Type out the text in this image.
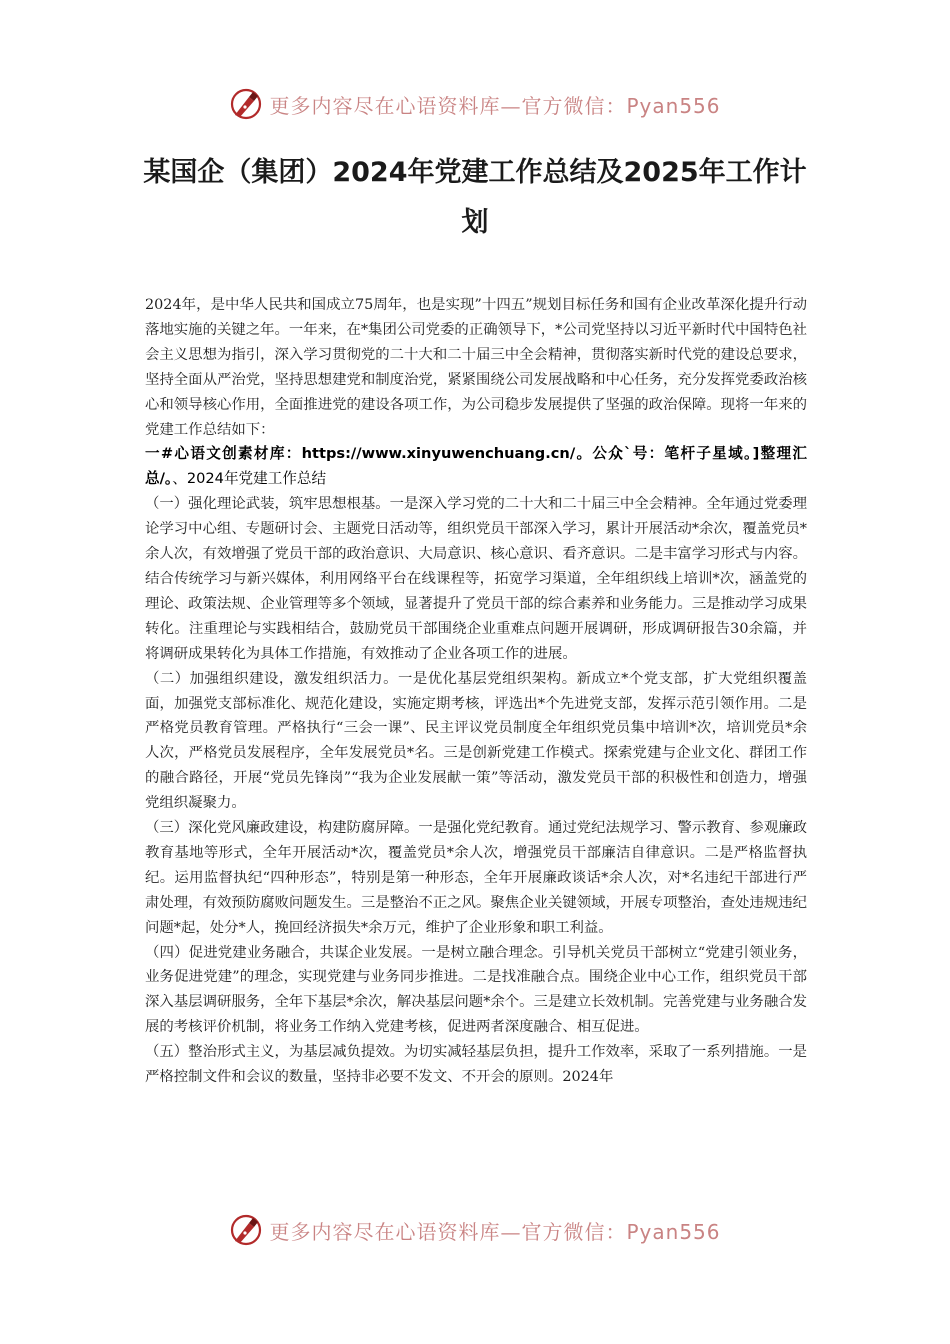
更多内容尽在心语资料库—官方微信：Pyan556
某国企（集团）2024年党建工作总结及2025年工作计划

2024年，是中华人民共和国成立75周年，也是实现”十四五”规划目标任务和国有企业改革深化提升行动落地实施的关键之年。一年来，在*集团公司党委的正确领导下，*公司党坚持以习近平新时代中国特色社会主义思想为指引，深入学习贯彻党的二十大和二十届三中全会精神，贯彻落实新时代党的建设总要求，坚持全面从严治党，坚持思想建党和制度治党，紧紧围绕公司发展战略和中心任务，充分发挥党委政治核心和领导核心作用，全面推进党的建设各项工作，为公司稳步发展提供了坚强的政治保障。现将一年来的党建工作总结如下：

一#心语文创素材库：https://www.xinyuwenchuang.cn/。公众`号：笔杆子星域。]整理汇总/。、2024年党建工作总结

（一）强化理论武装，筑牢思想根基。一是深入学习党的二十大和二十届三中全会精神。全年通过党委理论学习中心组、专题研讨会、主题党日活动等，组织党员干部深入学习，累计开展活动*余次，覆盖党员*余人次，有效增强了党员干部的政治意识、大局意识、核心意识、看齐意识。二是丰富学习形式与内容。结合传统学习与新兴媒体，利用网络平台在线课程等，拓宽学习渠道，全年组织线上培训*次，涵盖党的理论、政策法规、企业管理等多个领域，显著提升了党员干部的综合素养和业务能力。三是推动学习成果转化。注重理论与实践相结合，鼓励党员干部围绕企业重难点问题开展调研，形成调研报告30余篇，并将调研成果转化为具体工作措施，有效推动了企业各项工作的进展。

（二）加强组织建设，激发组织活力。一是优化基层党组织架构。新成立*个党支部，扩大党组织覆盖面，加强党支部标准化、规范化建设，实施定期考核，评选出*个先进党支部，发挥示范引领作用。二是严格党员教育管理。严格执行“三会一课”、民主评议党员制度全年组织党员集中培训*次，培训党员*余人次，严格党员发展程序，全年发展党员*名。三是创新党建工作模式。探索党建与企业文化、群团工作的融合路径，开展“党员先锋岗”“我为企业发展献一策”等活动，激发党员干部的积极性和创造力，增强党组织凝聚力。

（三）深化党风廉政建设，构建防腐屏障。一是强化党纪教育。通过党纪法规学习、警示教育、参观廉政教育基地等形式，全年开展活动*次，覆盖党员*余人次，增强党员干部廉洁自律意识。二是严格监督执纪。运用监督执纪“四种形态”，特别是第一种形态，全年开展廉政谈话*余人次，对*名违纪干部进行严肃处理，有效预防腐败问题发生。三是整治不正之风。聚焦企业关键领域，开展专项整治，查处违规违纪问题*起，处分*人，挽回经济损失*余万元，维护了企业形象和职工利益。

（四）促进党建业务融合，共谋企业发展。一是树立融合理念。引导机关党员干部树立“党建引领业务，业务促进党建”的理念，实现党建与业务同步推进。二是找准融合点。围绕企业中心工作，组织党员干部深入基层调研服务，全年下基层*余次，解决基层问题*余个。三是建立长效机制。完善党建与业务融合发展的考核评价机制，将业务工作纳入党建考核，促进两者深度融合、相互促进。

（五）整治形式主义，为基层减负提效。为切实减轻基层负担，提升工作效率，采取了一系列措施。一是严格控制文件和会议的数量，坚持非必要不发文、不开会的原则。2024年

更多内容尽在心语资料库—官方微信：Pyan556
